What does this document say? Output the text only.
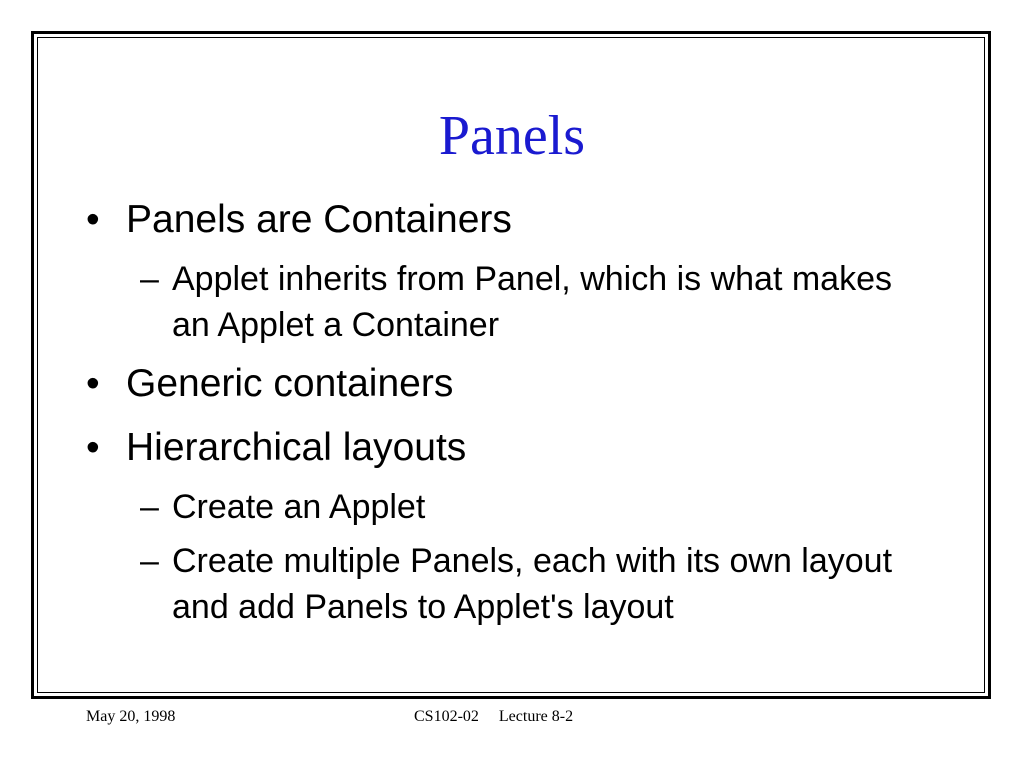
Panels
• Panels are Containers
– Applet inherits from Panel, which is what makes an Applet a Container
• Generic containers
• Hierarchical layouts
– Create an Applet
– Create multiple Panels, each with its own layout and add Panels to Applet's layout
May 20, 1998	CS102-02     Lecture 8-2
